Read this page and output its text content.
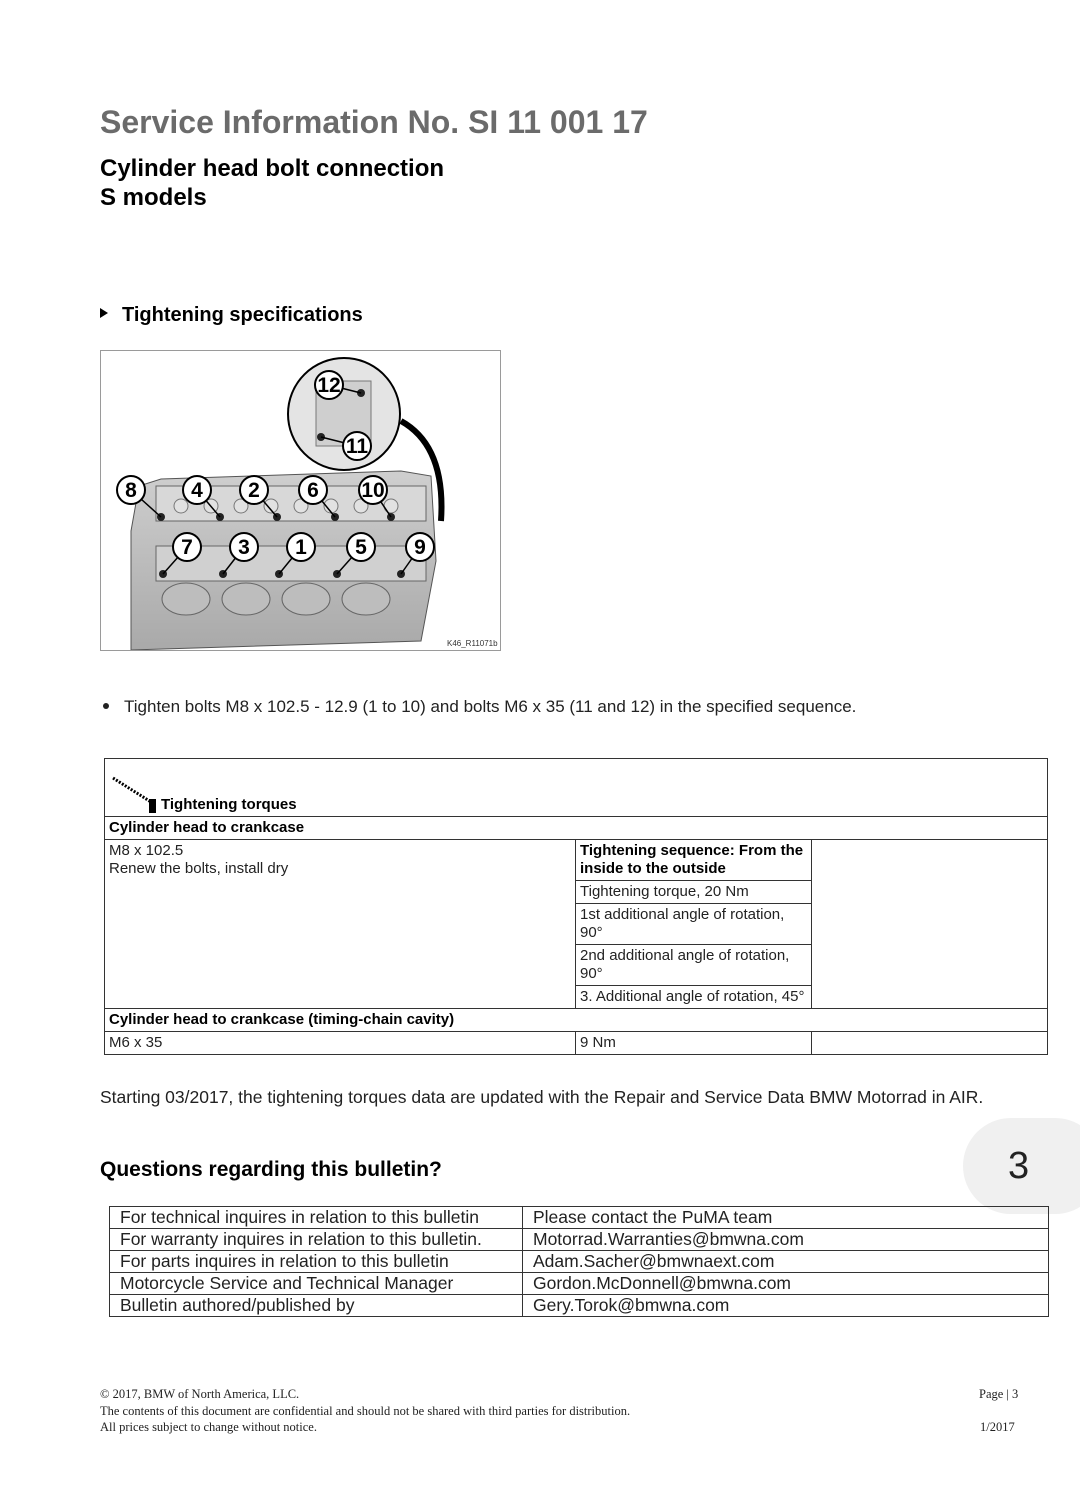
Service Information No. SI 11 001 17
Cylinder head bolt connection
S models
Tightening specifications
12
11
8	4 2 6 10
7 3 1 5 9
K46_R11071b
Tighten bolts M8 x 102.5 - 12.9 (1 to 10) and bolts M6 x 35 (11 and 12) in the specified sequence.
Tightening torques		
Cylinder head to crankcase		

M8 x 102.5
Renew the bolts, install dry	Tightening sequence: From the inside to the outside	
	Tightening torque, 20 Nm	
	1st additional angle of rotation, 90°	
	2nd additional angle of rotation, 90°	
	3. Additional angle of rotation, 45°	
Cylinder head to crankcase (timing-chain cavity)		
M6 x 35	9 Nm	
Starting 03/2017, the tightening torques data are updated with the Repair and Service Data BMW Motorrad in AIR.
3
Questions regarding this bulletin?
For technical inquires in relation to this bulletin	Please contact the PuMA team
For warranty inquires in relation to this bulletin.	Motorrad.Warranties@bmwna.com
For parts inquires in relation to this bulletin	Adam.Sacher@bmwnaext.com
Motorcycle Service and Technical Manager	Gordon.McDonnell@bmwna.com
Bulletin authored/published by	Gery.Torok@bmwna.com
© 2017, BMW of North America, LLC.
The contents of this document are confidential and should not be shared with third parties for distribution.
All prices subject to change without notice.
Page | 3
1/2017
